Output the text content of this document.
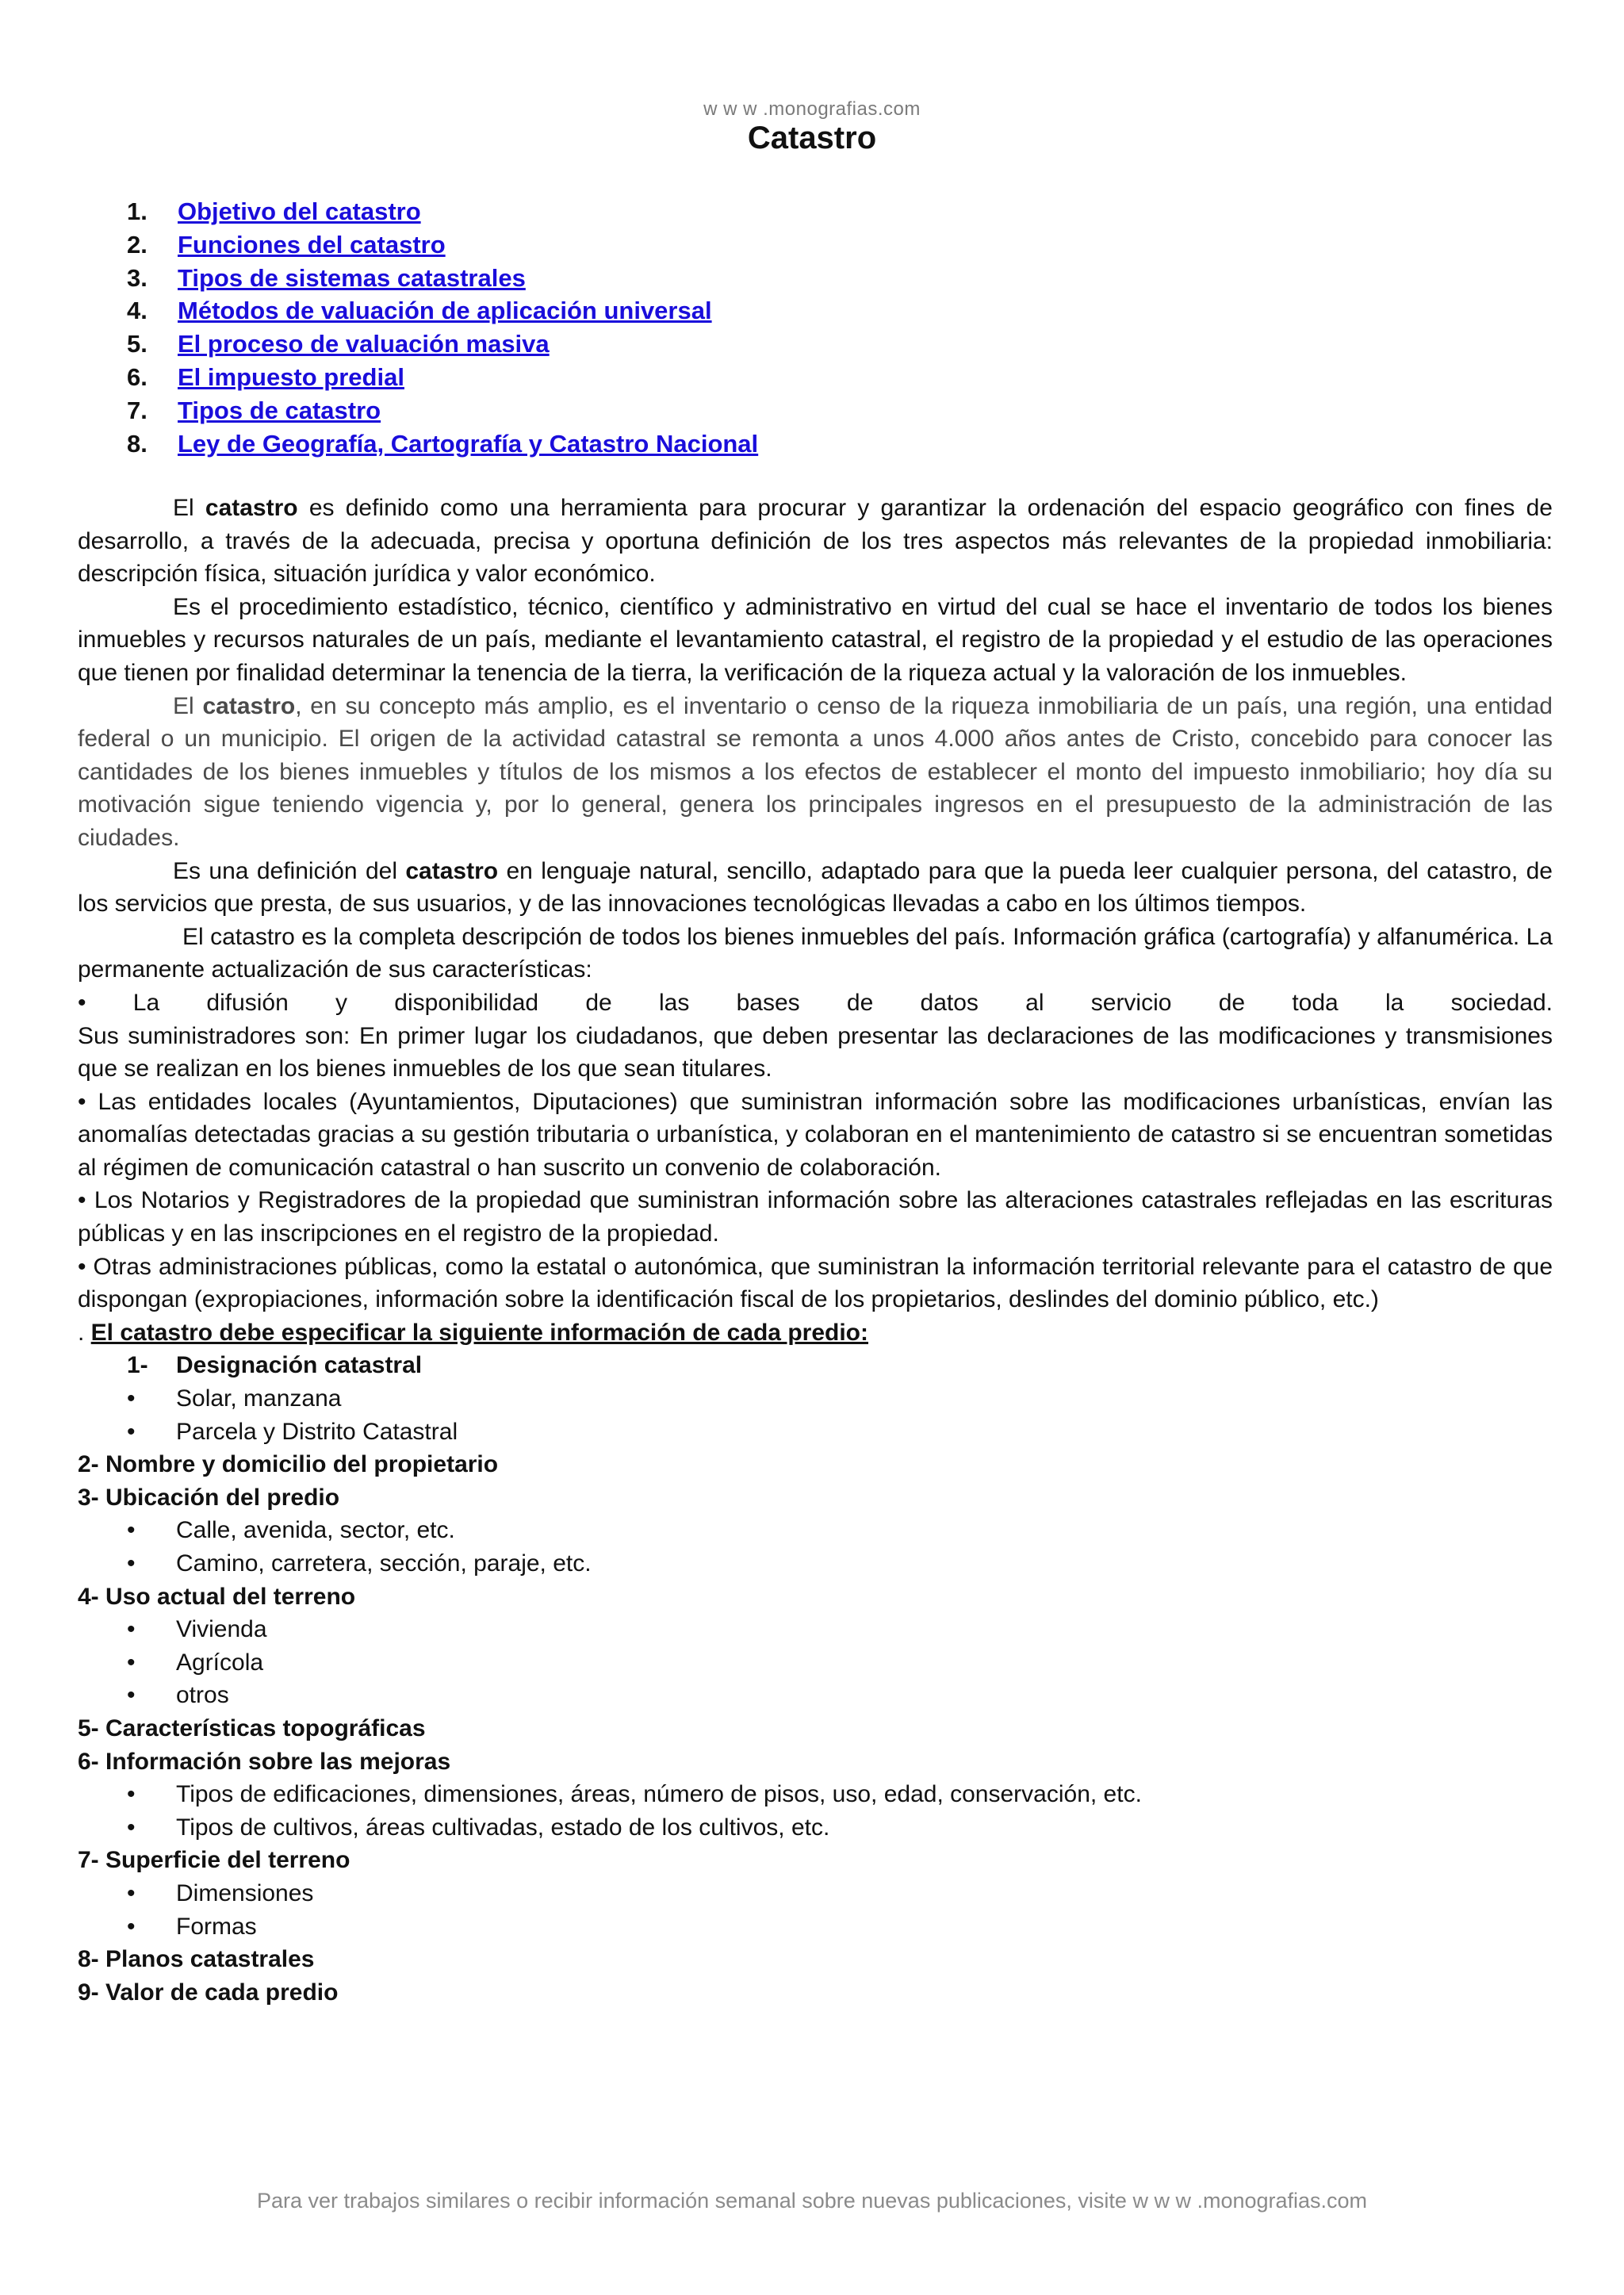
w w w .monografias.com
Catastro
1. Objetivo del catastro
2. Funciones del catastro
3. Tipos de sistemas catastrales
4. Métodos de valuación de aplicación universal
5. El proceso de valuación masiva
6. El impuesto predial
7. Tipos de catastro
8. Ley de Geografía, Cartografía y Catastro Nacional

El catastro es definido como una herramienta para procurar y garantizar la ordenación del espacio geográfico con fines de desarrollo, a través de la adecuada, precisa y oportuna definición de los tres aspectos más relevantes de la propiedad inmobiliaria: descripción física, situación jurídica y valor económico.

Es el procedimiento estadístico, técnico, científico y administrativo en virtud del cual se hace el inventario de todos los bienes inmuebles y recursos naturales de un país, mediante el levantamiento catastral, el registro de la propiedad y el estudio de las operaciones que tienen por finalidad determinar la tenencia de la tierra, la verificación de la riqueza actual y la valoración de los inmuebles.

El catastro, en su concepto más amplio, es el inventario o censo de la riqueza inmobiliaria de un país, una región, una entidad federal o un municipio. El origen de la actividad catastral se remonta a unos 4.000 años antes de Cristo, concebido para conocer las cantidades de los bienes inmuebles y títulos de los mismos a los efectos de establecer el monto del impuesto inmobiliario; hoy día su motivación sigue teniendo vigencia y, por lo general, genera los principales ingresos en el presupuesto de la administración de las ciudades.

Es una definición del catastro en lenguaje natural, sencillo, adaptado para que la pueda leer cualquier persona, del catastro, de los servicios que presta, de sus usuarios, y de las innovaciones tecnológicas llevadas a cabo en los últimos tiempos.

El catastro es la completa descripción de todos los bienes inmuebles del país. Información gráfica (cartografía) y alfanumérica. La permanente actualización de sus características:

• La difusión y disponibilidad de las bases de datos al servicio de toda la sociedad.

Sus suministradores son: En primer lugar los ciudadanos, que deben presentar las declaraciones de las modificaciones y transmisiones que se realizan en los bienes inmuebles de los que sean titulares.

• Las entidades locales (Ayuntamientos, Diputaciones) que suministran información sobre las modificaciones urbanísticas, envían las anomalías detectadas gracias a su gestión tributaria o urbanística, y colaboran en el mantenimiento de catastro si se encuentran sometidas al régimen de comunicación catastral o han suscrito un convenio de colaboración.

• Los Notarios y Registradores de la propiedad que suministran información sobre las alteraciones catastrales reflejadas en las escrituras públicas y en las inscripciones en el registro de la propiedad.

• Otras administraciones públicas, como la estatal o autonómica, que suministran la información territorial relevante para el catastro de que dispongan (expropiaciones, información sobre la identificación fiscal de los propietarios, deslindes del dominio público, etc.)

. El catastro debe especificar la siguiente información de cada predio:

1- Designación catastral
• Solar, manzana
• Parcela y Distrito Catastral
2- Nombre y domicilio del propietario
3- Ubicación del predio
• Calle, avenida, sector, etc.
• Camino, carretera, sección, paraje, etc.
4- Uso actual del terreno
• Vivienda
• Agrícola
• otros
5- Características topográficas
6- Información sobre las mejoras
• Tipos de edificaciones, dimensiones, áreas, número de pisos, uso, edad, conservación, etc.
• Tipos de cultivos, áreas cultivadas, estado de los cultivos, etc.
7- Superficie del terreno
• Dimensiones
• Formas
8- Planos catastrales
9- Valor de cada predio
Para ver trabajos similares o recibir información semanal sobre nuevas publicaciones, visite w w w .monografias.com
